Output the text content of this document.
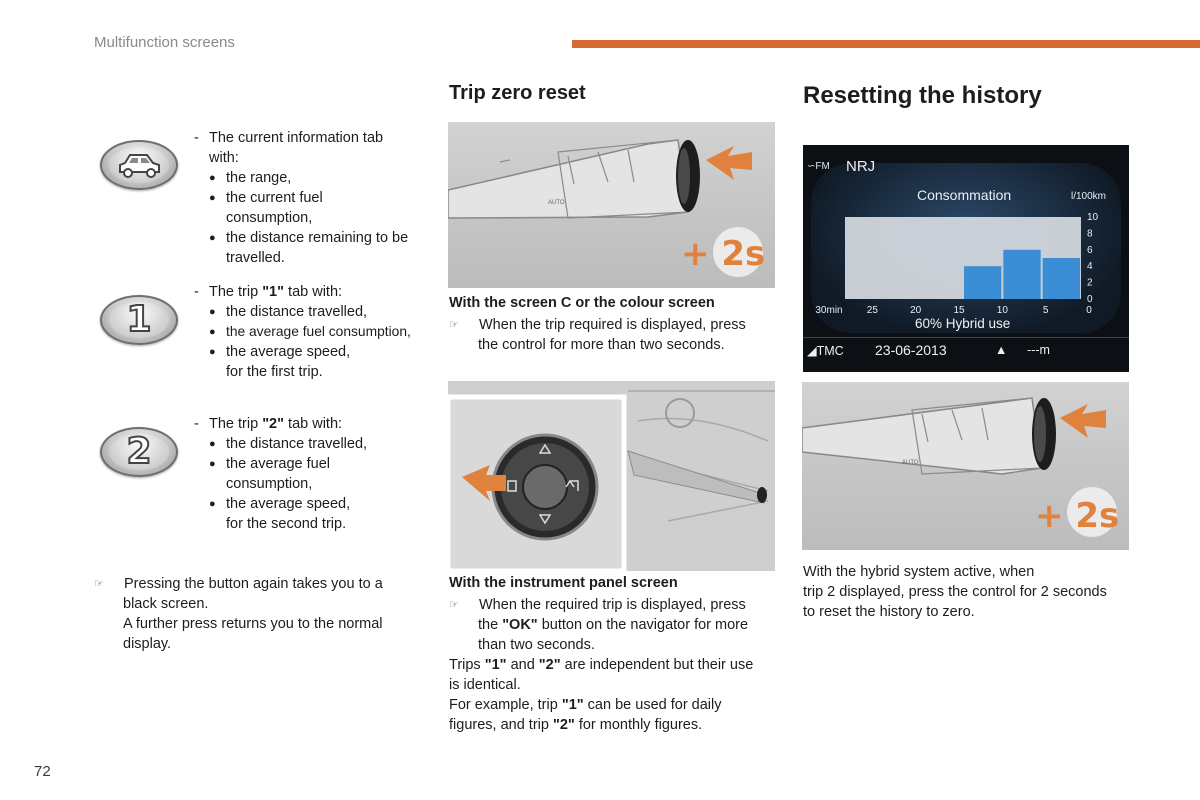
Multifunction screens
- The current information tab
with:
● the range,
● the current fuel
consumption,
● the distance remaining to be
travelled.
1
- The trip "1" tab with:
● the distance travelled,
● the average fuel consumption,
● the average speed,
for the first trip.
2
- The trip "2" tab with:
● the distance travelled,
● the average fuel
consumption,
● the average speed,
for the second trip.
☞ Pressing the button again takes you to a
black screen.
A further press returns you to the normal
display.
Trip zero reset
AUTO
+ 2s
With the screen C or the colour screen
☞ When the trip required is displayed, press
the control for more than two seconds.
With the instrument panel screen
☞ When the required trip is displayed, press
the "OK" button on the navigator for more
than two seconds.
Trips "1" and "2" are independent but their use
is identical.
For example, trip "1" can be used for daily
figures, and trip "2" for monthly figures.
Resetting the history
∽FM NRJ
Consommation	l/100km
10
8
6
4
2
0
30min 25	20	15	10	5	0
60% Hybrid use
◢TMC 23-06-2013	▲ ---m
AUTO
+ 2s
With the hybrid system active, when
trip 2 displayed, press the control for 2 seconds
to reset the history to zero.
72
